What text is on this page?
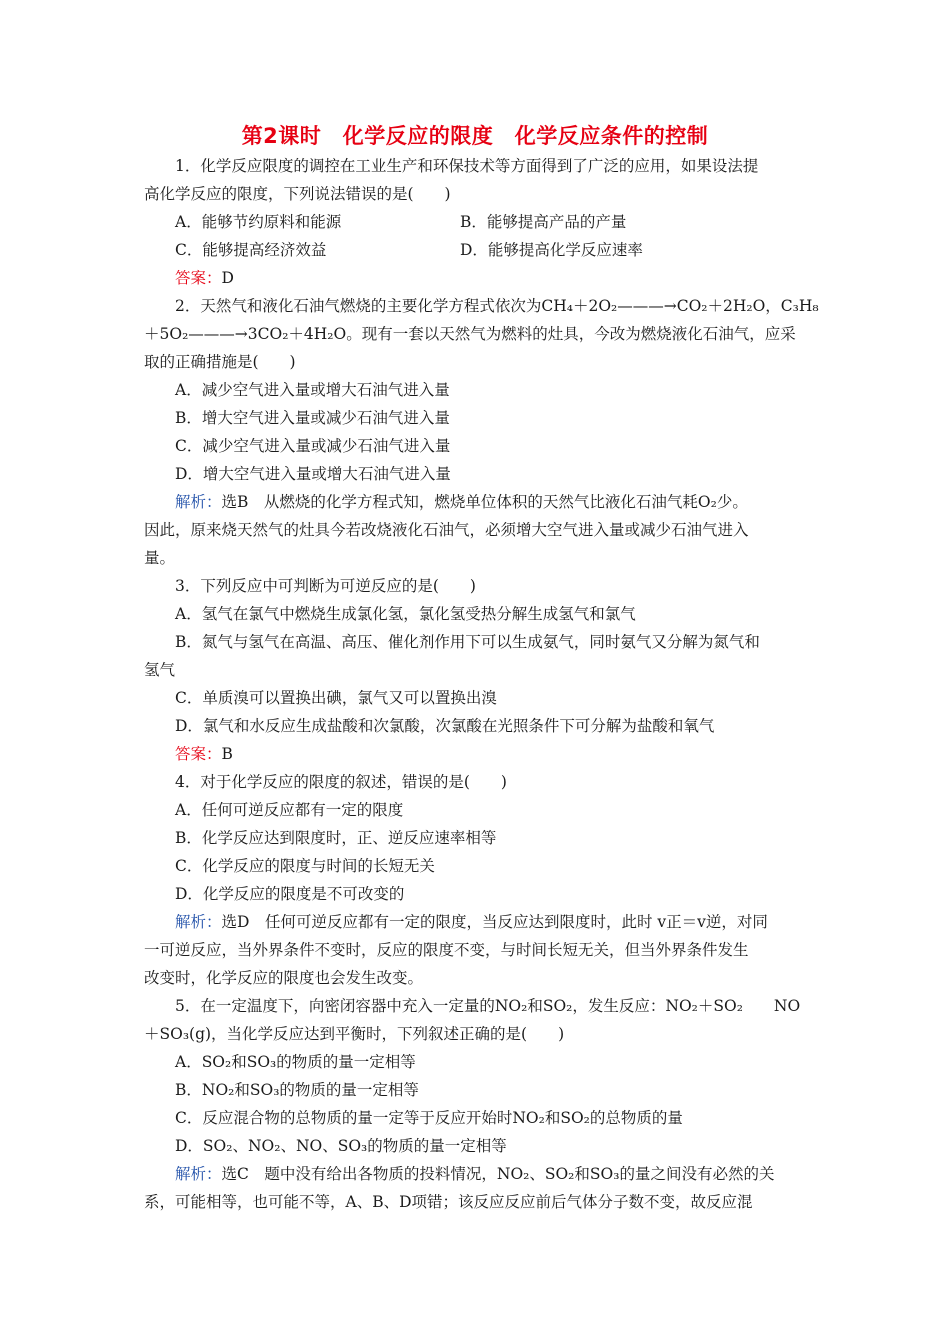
第2课时　化学反应的限度　化学反应条件的控制
1．化学反应限度的调控在工业生产和环保技术等方面得到了广泛的应用，如果设法提
高化学反应的限度，下列说法错误的是(　　)
A．能够节约原料和能源	B．能够提高产品的产量
C．能够提高经济效益	D．能够提高化学反应速率
答案：D
2．天然气和液化石油气燃烧的主要化学方程式依次为CH₄＋2O₂———→CO₂＋2H₂O，C₃H₈
＋5O₂———→3CO₂＋4H₂O。现有一套以天然气为燃料的灶具，今改为燃烧液化石油气，应采
取的正确措施是(　　)
A．减少空气进入量或增大石油气进入量
B．增大空气进入量或减少石油气进入量
C．减少空气进入量或减少石油气进入量
D．增大空气进入量或增大石油气进入量
解析：选B　从燃烧的化学方程式知，燃烧单位体积的天然气比液化石油气耗O₂少。
因此，原来烧天然气的灶具今若改烧液化石油气，必须增大空气进入量或减少石油气进入
量。
3．下列反应中可判断为可逆反应的是(　　)
A．氢气在氯气中燃烧生成氯化氢，氯化氢受热分解生成氢气和氯气
B．氮气与氢气在高温、高压、催化剂作用下可以生成氨气，同时氨气又分解为氮气和
氢气
C．单质溴可以置换出碘，氯气又可以置换出溴
D．氯气和水反应生成盐酸和次氯酸，次氯酸在光照条件下可分解为盐酸和氧气
答案：B
4．对于化学反应的限度的叙述，错误的是(　　)
A．任何可逆反应都有一定的限度
B．化学反应达到限度时，正、逆反应速率相等
C．化学反应的限度与时间的长短无关
D．化学反应的限度是不可改变的
解析：选D　任何可逆反应都有一定的限度，当反应达到限度时，此时 v正＝v逆，对同
一可逆反应，当外界条件不变时，反应的限度不变，与时间长短无关，但当外界条件发生
改变时，化学反应的限度也会发生改变。
5．在一定温度下，向密闭容器中充入一定量的NO₂和SO₂，发生反应：NO₂＋SO₂　　NO
＋SO₃(g)，当化学反应达到平衡时，下列叙述正确的是(　　)
A．SO₂和SO₃的物质的量一定相等
B．NO₂和SO₃的物质的量一定相等
C．反应混合物的总物质的量一定等于反应开始时NO₂和SO₂的总物质的量
D．SO₂、NO₂、NO、SO₃的物质的量一定相等
解析：选C　题中没有给出各物质的投料情况，NO₂、SO₂和SO₃的量之间没有必然的关
系，可能相等，也可能不等，A、B、D项错；该反应反应前后气体分子数不变，故反应混
